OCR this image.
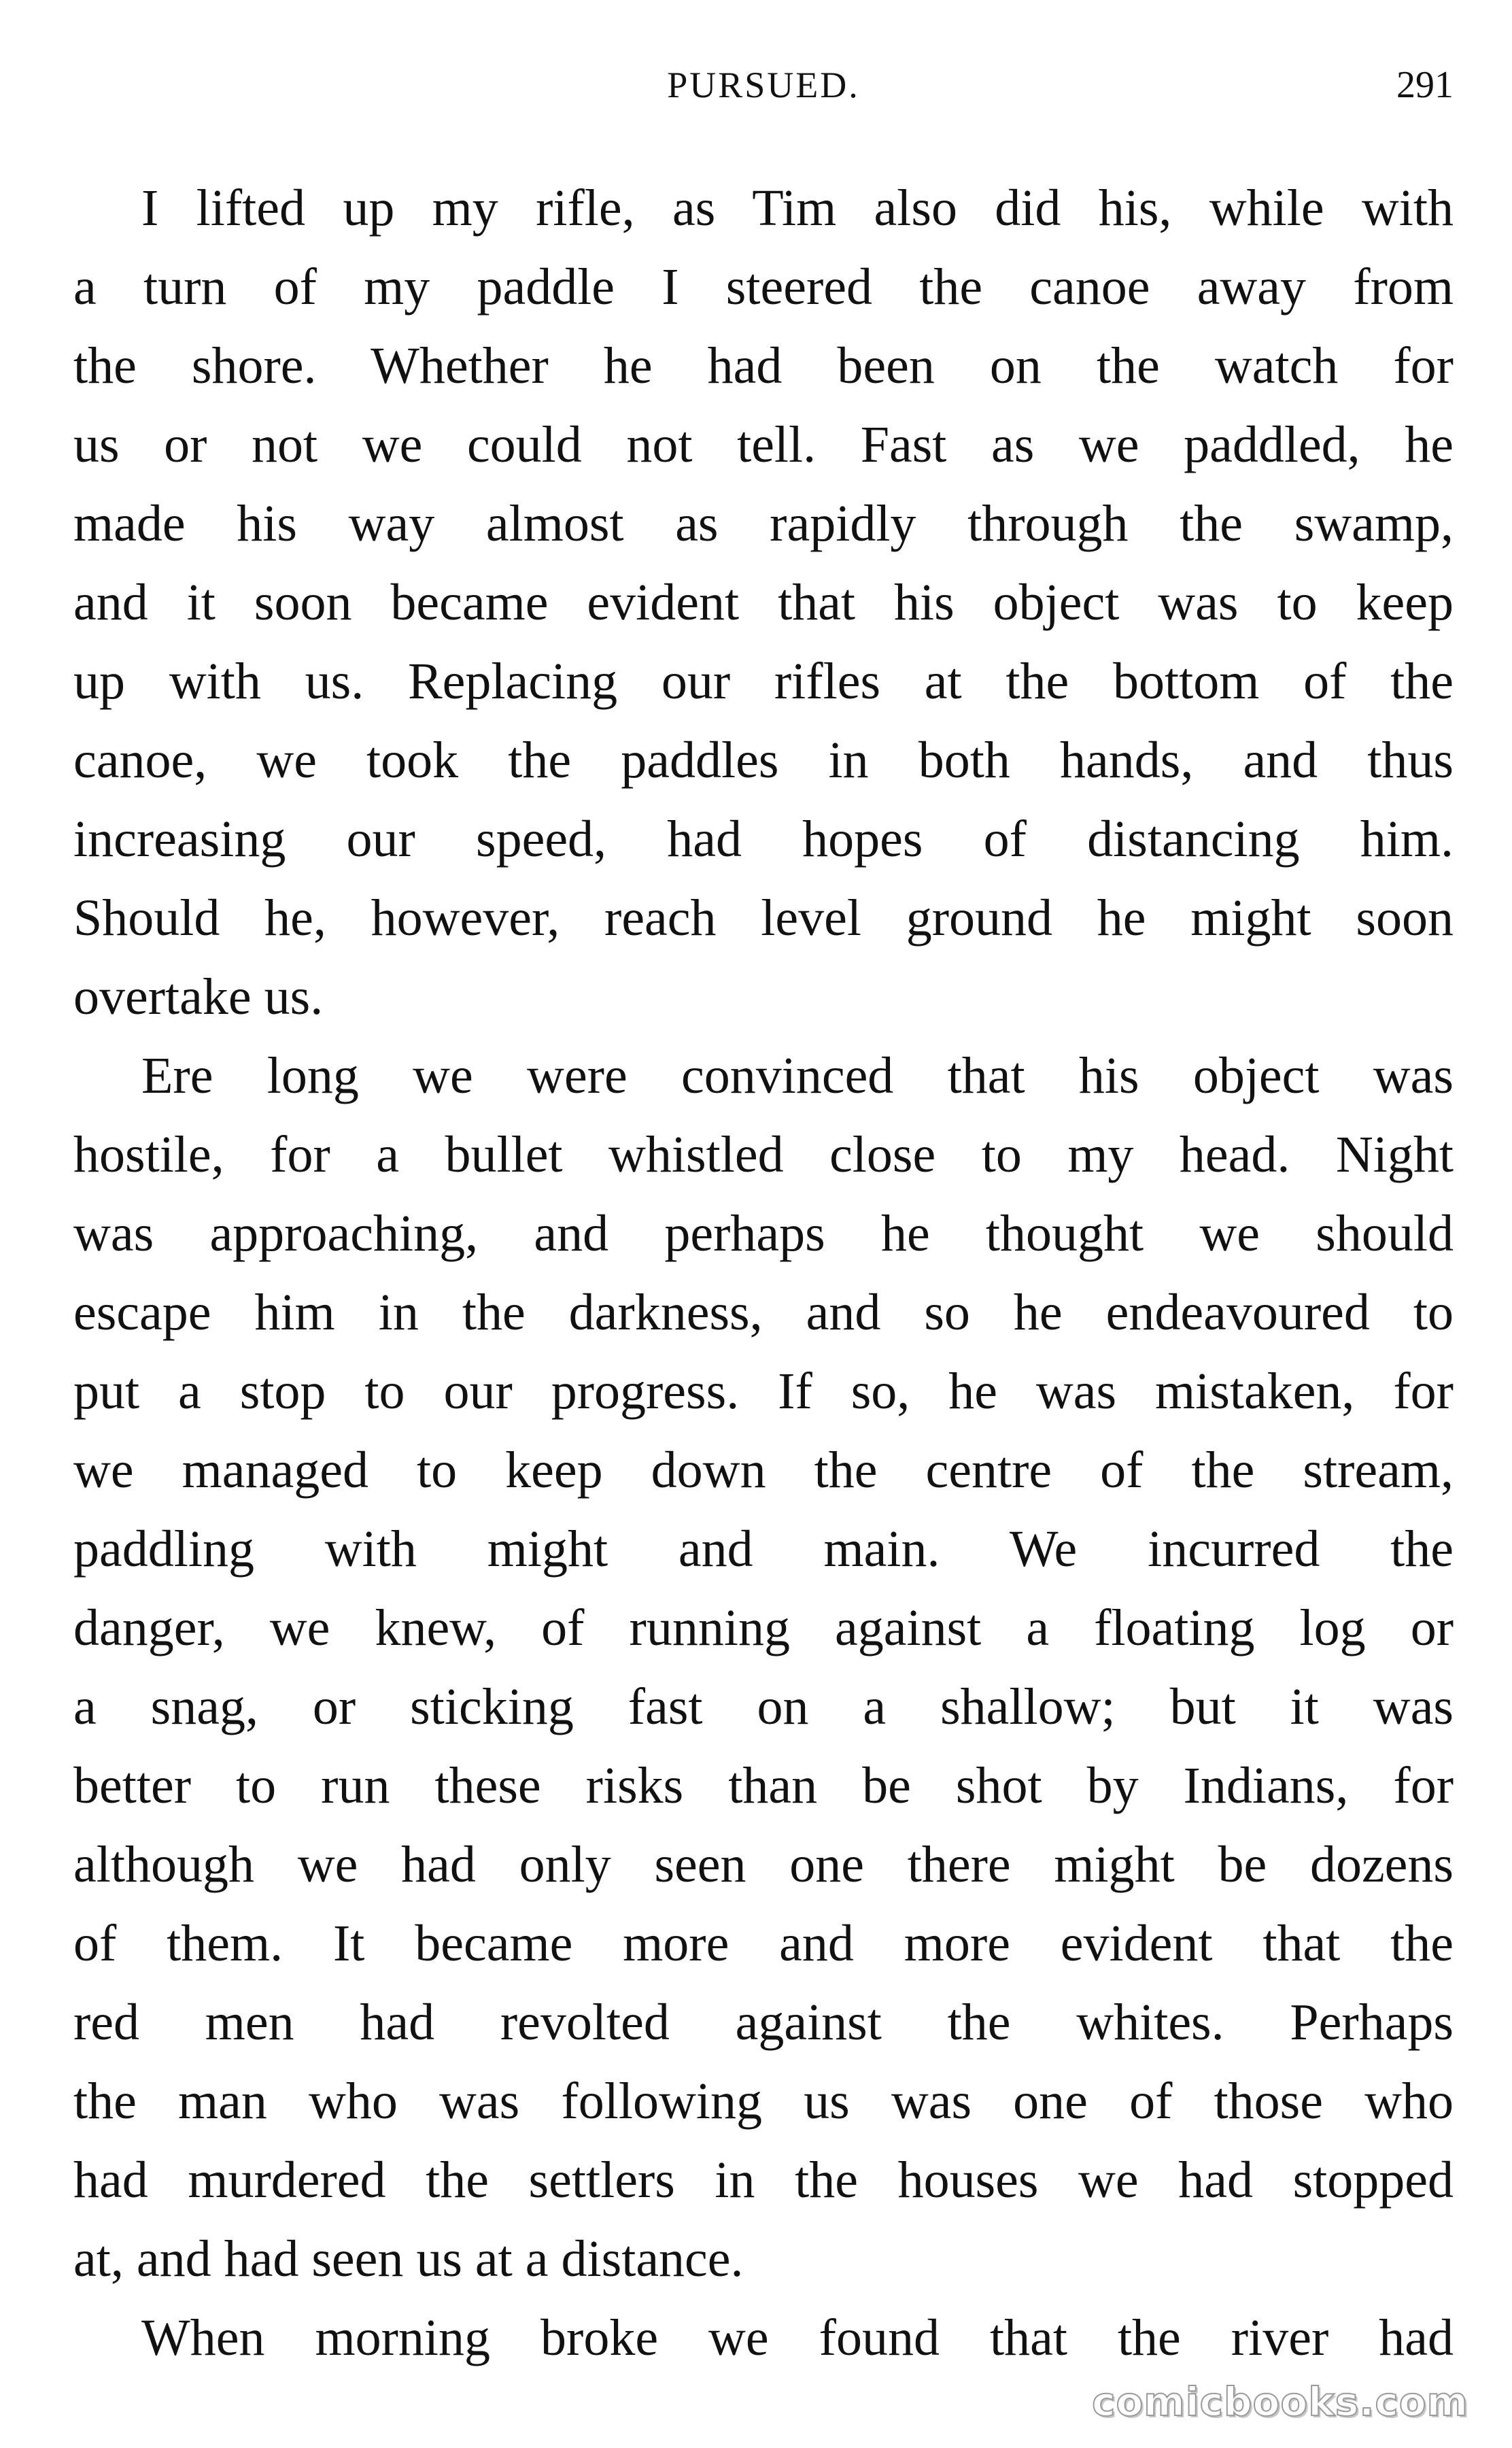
PURSUED.	291
I lifted up my rifle, as Tim also did his, while with
a turn of my paddle I steered the canoe away from
the shore. Whether he had been on the watch for
us or not we could not tell. Fast as we paddled, he
made his way almost as rapidly through the swamp,
and it soon became evident that his object was to keep
up with us. Replacing our rifles at the bottom of the
canoe, we took the paddles in both hands, and thus
increasing our speed, had hopes of distancing him.
Should he, however, reach level ground he might soon
overtake us.
Ere long we were convinced that his object was
hostile, for a bullet whistled close to my head. Night
was approaching, and perhaps he thought we should
escape him in the darkness, and so he endeavoured to
put a stop to our progress. If so, he was mistaken, for
we managed to keep down the centre of the stream,
paddling with might and main. We incurred the
danger, we knew, of running against a floating log or
a snag, or sticking fast on a shallow; but it was
better to run these risks than be shot by Indians, for
although we had only seen one there might be dozens
of them. It became more and more evident that the
red men had revolted against the whites. Perhaps
the man who was following us was one of those who
had murdered the settlers in the houses we had stopped
at, and had seen us at a distance.
When morning broke we found that the river had
comicbooks.com
